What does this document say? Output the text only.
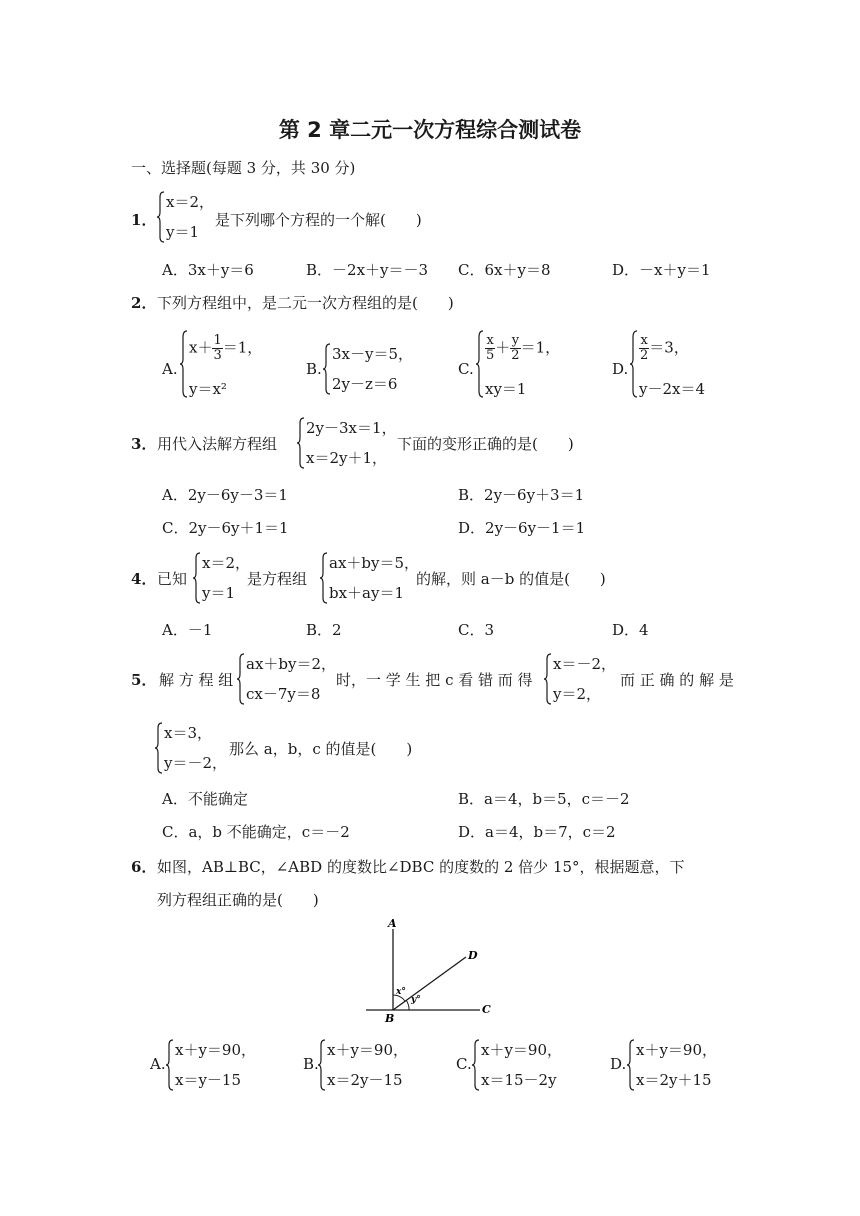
第 2 章二元一次方程综合测试卷
一、选择题(每题 3 分，共 30 分)
1．
x＝2，
y＝1
是下列哪个方程的一个解(　　)
A．3x＋y＝6	B．－2x＋y＝－3 C．6x＋y＝8	D．－x＋y＝1
2． 下列方程组中，是二元一次方程组的是(　　)
A.
$x+ \frac{1}{3} =1$，
y＝x²
B.
3x－y＝5，
2y－z＝6
C.
$\frac{x}{5} + \frac{y}{2} =1$，
xy＝1
D.
$\frac{x}{2} =3$，
y－2x＝4
3． 用代入法解方程组
2y－3x＝1，
x＝2y＋1，
下面的变形正确的是(　　)
A．2y－6y－3＝1	B．2y－6y＋3＝1
C．2y－6y＋1＝1	D．2y－6y－1＝1
4． 已知
x＝2，
y＝1
是方程组
ax＋by＝5，
bx＋ay＝1
的解，则 a－b 的值是(　　)
A．－1	B．2	C．3	D．4
5． 解 方 程 组
ax＋by＝2，
cx－7y＝8
时，一 学 生 把 c 看 错 而 得
x＝－2，
y＝2，
而 正 确 的 解 是
x＝3，
y＝－2，
那么 a，b，c 的值是(　　)
A．不能确定	B．a＝4，b＝5，c＝－2
C．a，b 不能确定，c＝－2	D．a＝4，b＝7，c＝2
6． 如图，AB⊥BC，∠ABD 的度数比∠DBC 的度数的 2 倍少 15°，根据题意，下
列方程组正确的是(　　)
A
D
C
B
x°
y°
A.
x＋y＝90，
x＝y－15
B.
x＋y＝90，
x＝2y－15
C.
x＋y＝90，
x＝15－2y
D.
x＋y＝90，
x＝2y＋15
